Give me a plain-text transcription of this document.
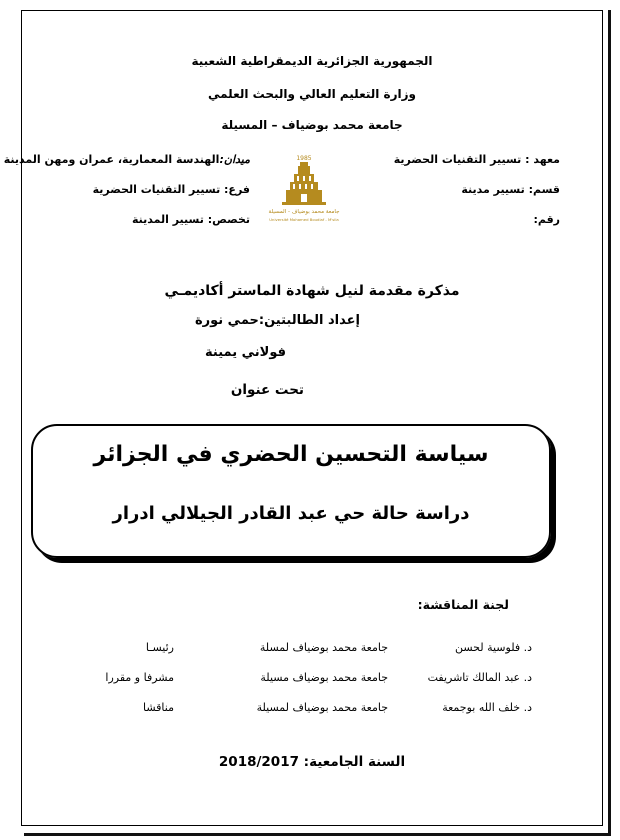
الجمهورية الجزائرية الديمقراطية الشعبية
وزارة التعليم العالي والبحث العلمي
جامعة محمد بوضياف – المسيلة
معهد : تسيير التقنيات الحضرية
قسم: تسيير مدينة
رقم:
ميدان:الهندسة المعمارية، عمران ومهن المدينة
فرع: تسيير التقنيات الحضرية
تخصص: تسيير المدينة
1985
جامعة محمد بوضياف - المسيلة
Université Mohamed Boudiaf - M'sila
مذكرة مقدمة لنيل شهادة الماستر أكاديمـي
إعداد الطالبتين:حمي نورة
فولاني يمينة
تحت عنوان
سياسة التحسين الحضري في الجزائر
دراسة حالة حي عبد القادر الجيلالي ادرار
لجنة المناقشة:
د. فلوسية لحسن
جامعة محمد بوضياف لمسلة
رئيسـا
د. عبد المالك تاشريفت
جامعة محمد بوضياف مسيلة
مشرفا و مقررا
د. خلف الله بوجمعة
جامعة محمد بوضياف لمسيلة
مناقشا
السنة الجامعية: 2018/2017
